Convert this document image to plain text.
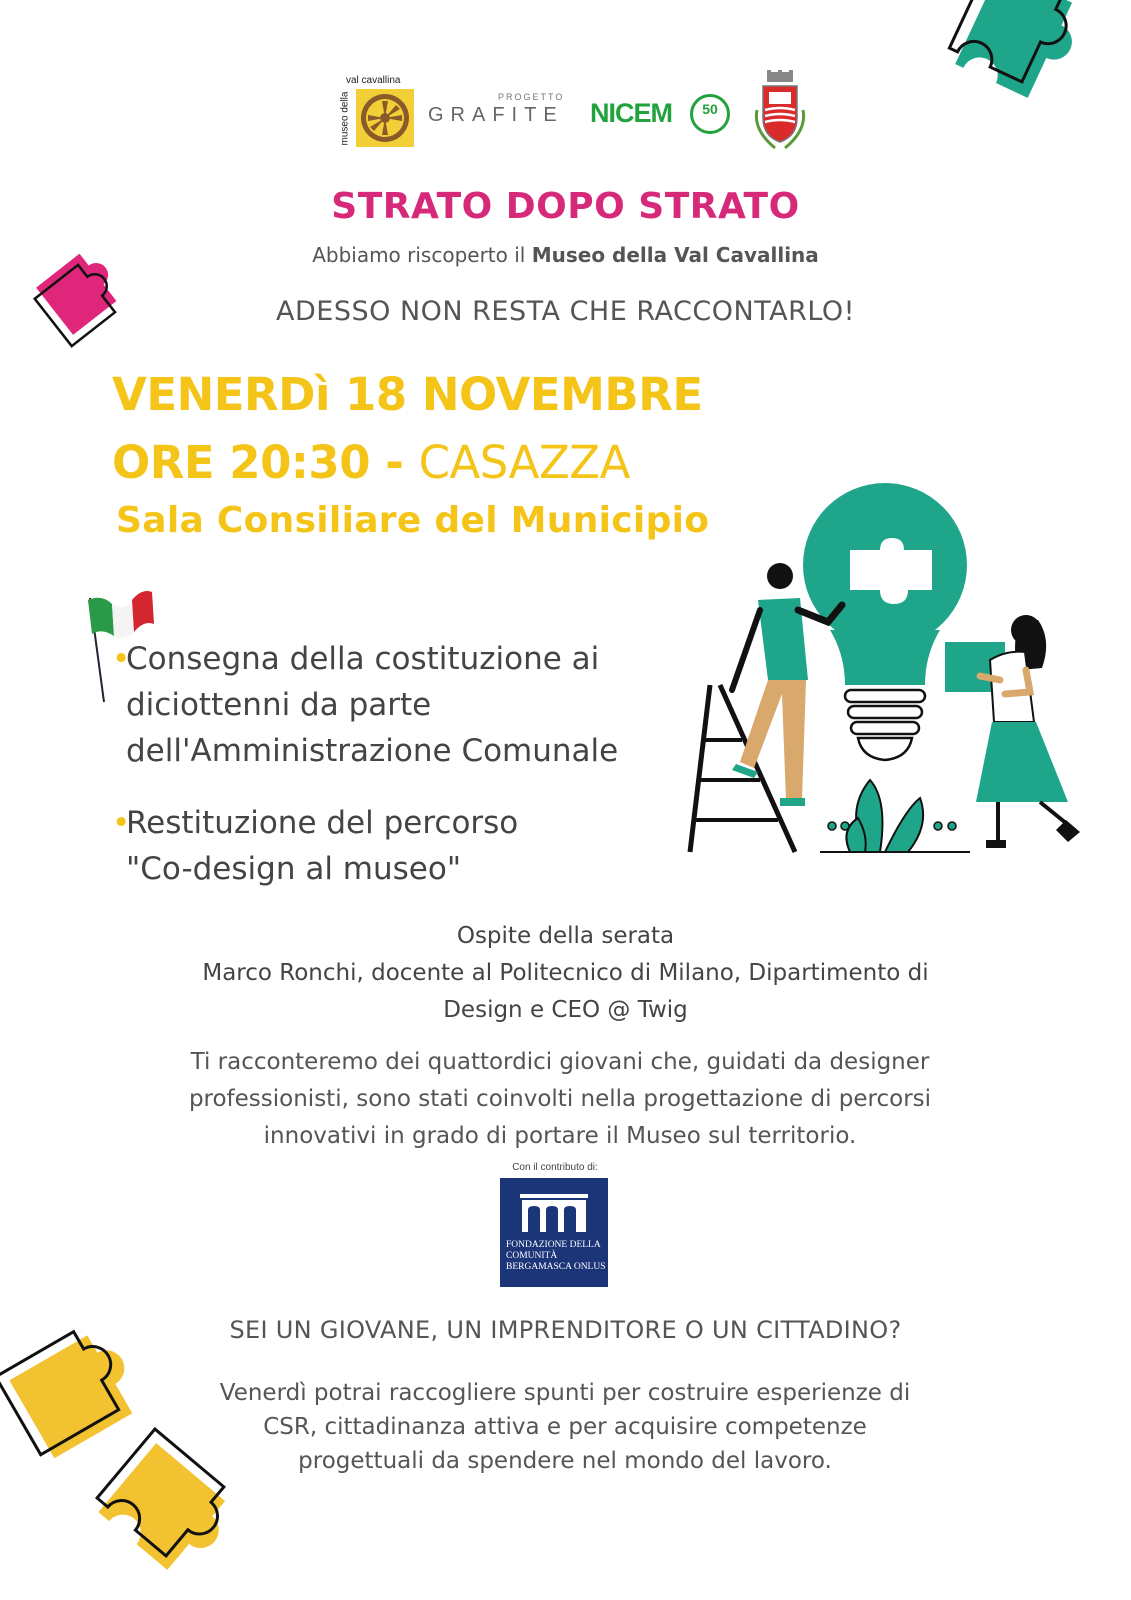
val cavallina
museo della	PROGETTO
GRAFITE NICEM	50
STRATO DOPO STRATO
Abbiamo riscoperto il Museo della Val Cavallina
ADESSO NON RESTA CHE RACCONTARLO!
VENERDì 18 NOVEMBRE
ORE 20:30 - CASAZZA
Sala Consiliare del Municipio
•
Consegna della costituzione ai
diciottenni da parte
dell'Amministrazione Comunale
•
Restituzione del percorso
"Co-design al museo"
Ospite della serata
Marco Ronchi, docente al Politecnico di Milano, Dipartimento di
Design e CEO @ Twig
Ti racconteremo dei quattordici giovani che, guidati da designer
professionisti, sono stati coinvolti nella progettazione di percorsi
innovativi in grado di portare il Museo sul territorio.
Con il contributo di:
FONDAZIONE DELLA
COMUNITÀ
BERGAMASCA ONLUS
SEI UN GIOVANE, UN IMPRENDITORE O UN CITTADINO?
Venerdì potrai raccogliere spunti per costruire esperienze di
CSR, cittadinanza attiva e per acquisire competenze
progettuali da spendere nel mondo del lavoro.
